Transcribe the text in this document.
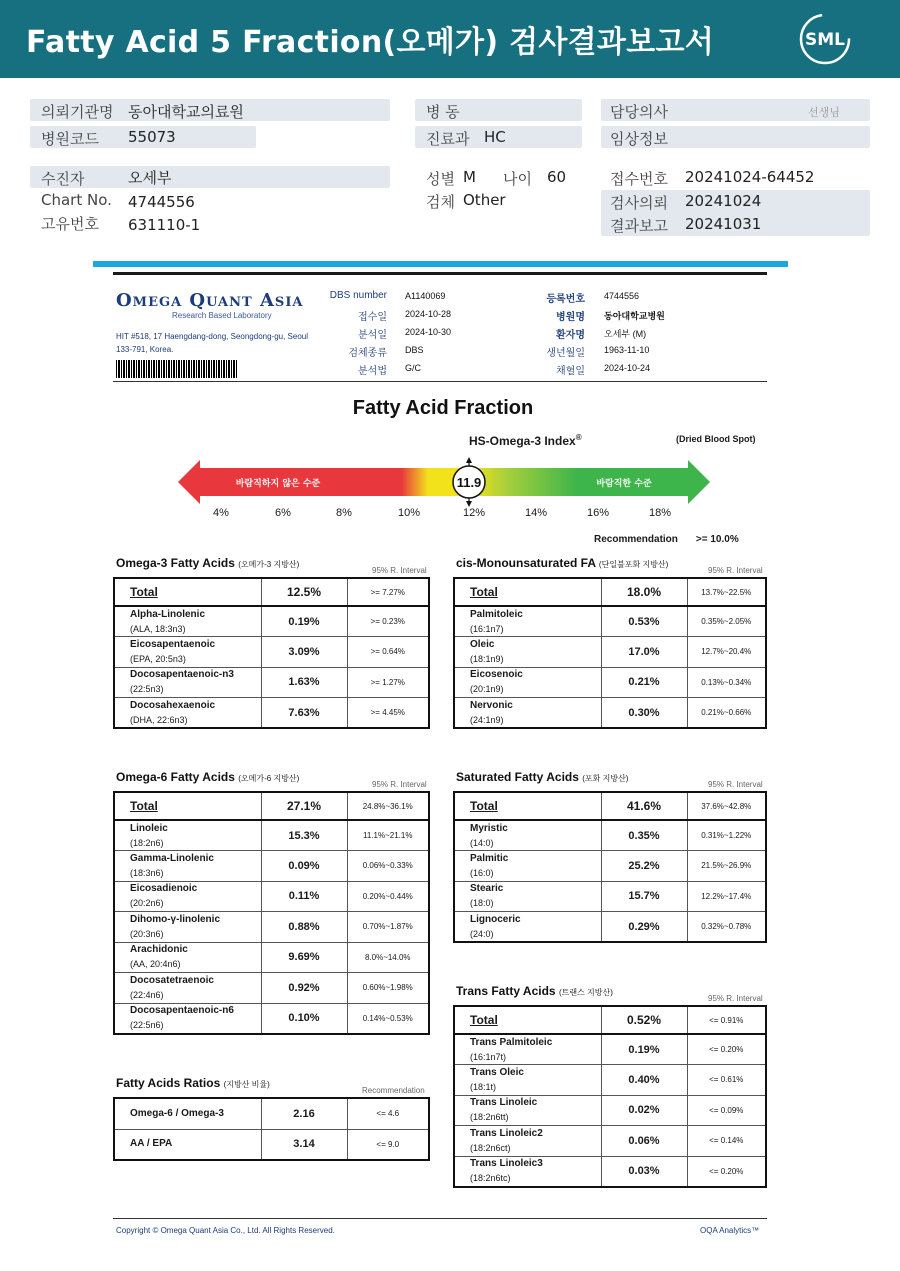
Fatty Acid 5 Fraction(오메가) 검사결과보고서	SML
의뢰기관명 동아대학교의료원
병원코드 55073
병 동
진료과 HC
담당의사	선생님
임상정보
수진자	오세부
Chart No. 4744556
고유번호 631110-1
성별 M 나이 60
검체 Other
접수번호 20241024-64452
검사의뢰 20241024
결과보고 20241031
Omega Quant Asia
Research Based Laboratory
HIT #518, 17 Haengdang-dong, Seongdong-gu, Seoul 133-791, Korea.
DBS number A1140069
접수일 2024-10-28
분석일 2024-10-30
검체종류 DBS
분석법 G/C
등록번호 4744556
병원명 동아대학교병원
환자명 오세부 (M)
생년월일 1963-11-10
채혈일 2024-10-24
Fatty Acid Fraction
HS-Omega-3 Index®	(Dried Blood Spot)
11.9
바람직하지 않은 수준	바람직한 수준
4%	6%	8%	10%	12%	14%	16%	18%
Recommendation >= 10.0%
Omega-3 Fatty Acids (오메가-3 지방산)
95% R. Interval
cis-Monounsaturated FA (단일불포화 지방산)
95% R. Interval
Omega-6 Fatty Acids (오메가-6 지방산)
95% R. Interval
Saturated Fatty Acids (포화 지방산)
95% R. Interval
Trans Fatty Acids (트랜스 지방산)
95% R. Interval
Fatty Acids Ratios (지방산 비율)
Recommendation
Total	12.5%	>= 7.27%
Alpha-Linolenic
(ALA, 18:3n3)	0.19%	>= 0.23%
Eicosapentaenoic
(EPA, 20:5n3)	3.09%	>= 0.64%
Docosapentaenoic-n3
(22:5n3)	1.63%	>= 1.27%
Docosahexaenoic
(DHA, 22:6n3)	7.63%	>= 4.45%
Total	18.0%	13.7%~22.5%
Palmitoleic
(16:1n7)	0.53%	0.35%~2.05%
Oleic
(18:1n9)	17.0%	12.7%~20.4%
Eicosenoic
(20:1n9)	0.21%	0.13%~0.34%
Nervonic
(24:1n9)	0.30%	0.21%~0.66%
Total	27.1%	24.8%~36.1%
Linoleic
(18:2n6)	15.3%	11.1%~21.1%
Gamma-Linolenic
(18:3n6)	0.09%	0.06%~0.33%
Eicosadienoic
(20:2n6)	0.11%	0.20%~0.44%
Dihomo-γ-linolenic
(20:3n6)	0.88%	0.70%~1.87%
Arachidonic
(AA, 20:4n6)	9.69%	8.0%~14.0%
Docosatetraenoic
(22:4n6)	0.92%	0.60%~1.98%
Docosapentaenoic-n6
(22:5n6)	0.10%	0.14%~0.53%
Total	41.6%	37.6%~42.8%
Myristic
(14:0)	0.35%	0.31%~1.22%
Palmitic
(16:0)	25.2%	21.5%~26.9%
Stearic
(18:0)	15.7%	12.2%~17.4%
Lignoceric
(24:0)	0.29%	0.32%~0.78%
Total	0.52%	<= 0.91%
Trans Palmitoleic
(16:1n7t)	0.19%	<= 0.20%
Trans Oleic
(18:1t)	0.40%	<= 0.61%
Trans Linoleic
(18:2n6tt)	0.02%	<= 0.09%
Trans Linoleic2
(18:2n6ct)	0.06%	<= 0.14%
Trans Linoleic3
(18:2n6tc)	0.03%	<= 0.20%
Omega-6 / Omega-3	2.16	<= 4.6
AA / EPA	3.14	<= 9.0
Copyright © Omega Quant Asia Co., Ltd. All Rights Reserved.	OQA Analytics™
